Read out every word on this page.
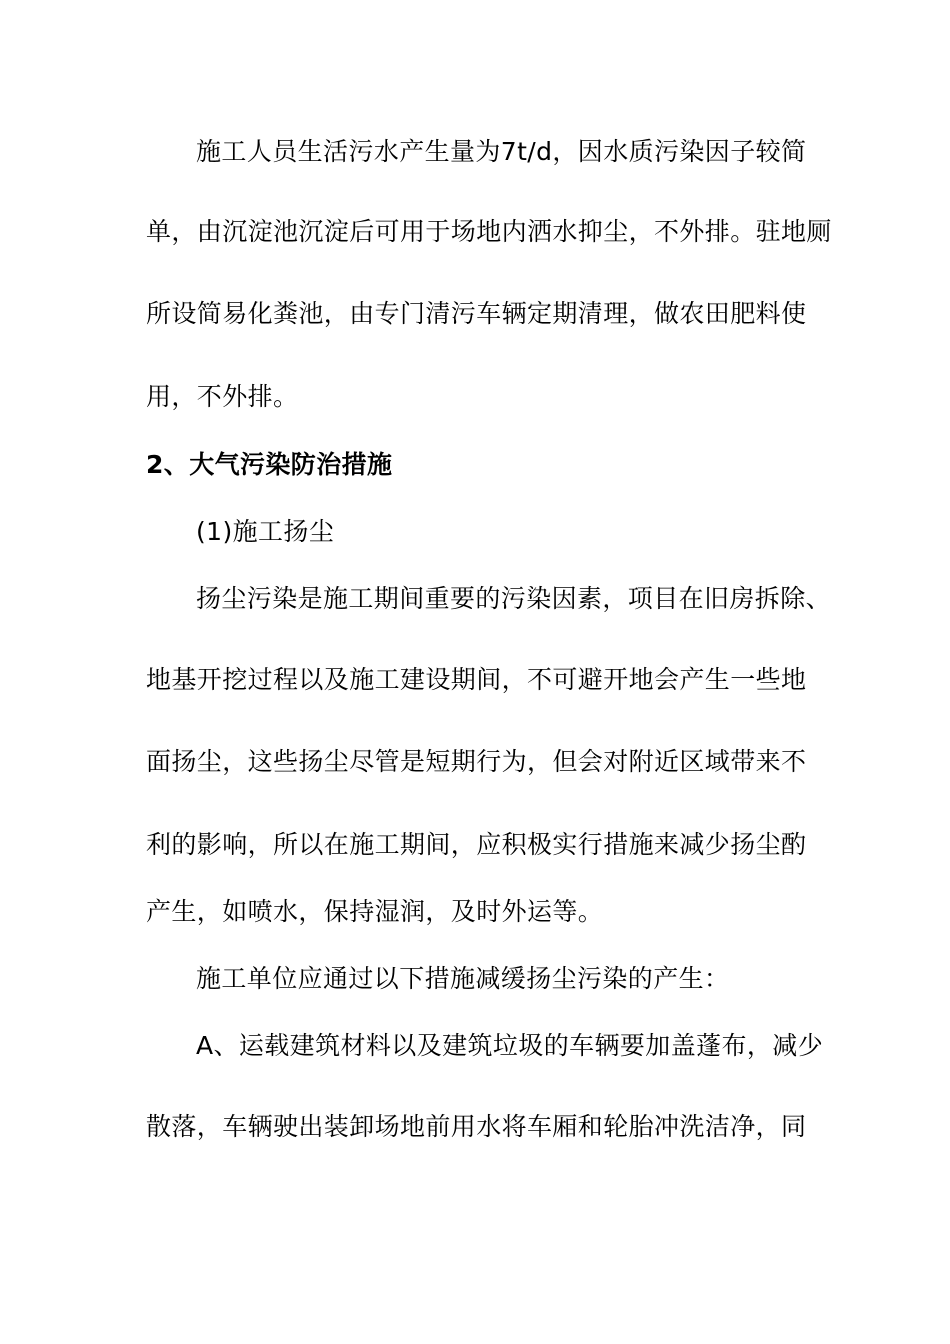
施工人员生活污水产生量为7t/d，因水质污染因子较简
单，由沉淀池沉淀后可用于场地内洒水抑尘，不外排。驻地厕
所设简易化粪池，由专门清污车辆定期清理，做农田肥料使
用，不外排。
2、大气污染防治措施
(1)施工扬尘
扬尘污染是施工期间重要的污染因素，项目在旧房拆除、
地基开挖过程以及施工建设期间，不可避开地会产生一些地
面扬尘，这些扬尘尽管是短期行为，但会对附近区域带来不
利的影响，所以在施工期间，应积极实行措施来减少扬尘酌
产生，如喷水，保持湿润，及时外运等。
施工单位应通过以下措施减缓扬尘污染的产生：
A、运载建筑材料以及建筑垃圾的车辆要加盖蓬布，减少
散落，车辆驶出装卸场地前用水将车厢和轮胎冲洗洁净，同
